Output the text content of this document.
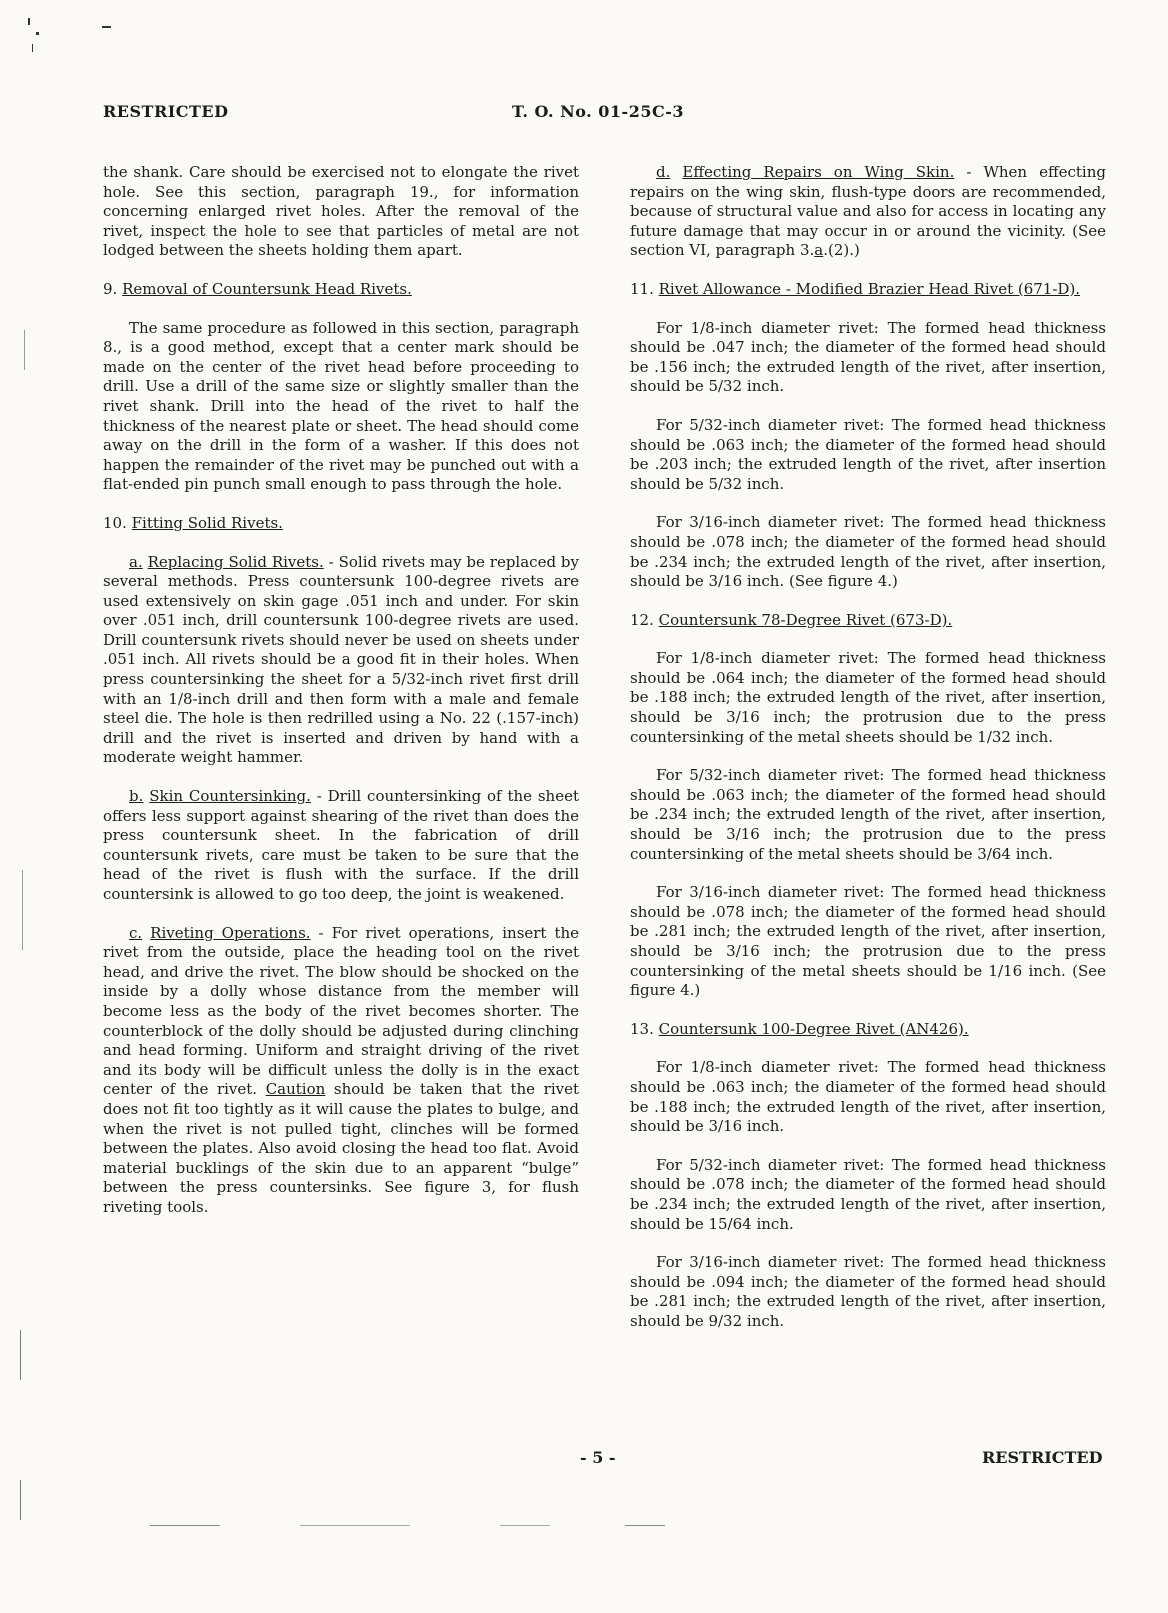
RESTRICTED	T. O. No. 01-25C-3

the shank. Care should be exercised not to elongate the rivet hole. See this section, paragraph 19., for information concerning enlarged rivet holes. After the removal of the rivet, inspect the hole to see that particles of metal are not lodged between the sheets holding them apart.

9. Removal of Countersunk Head Rivets.

The same procedure as followed in this section, paragraph 8., is a good method, except that a center mark should be made on the center of the rivet head before proceeding to drill. Use a drill of the same size or slightly smaller than the rivet shank. Drill into the head of the rivet to half the thickness of the nearest plate or sheet. The head should come away on the drill in the form of a washer. If this does not happen the remainder of the rivet may be punched out with a flat-ended pin punch small enough to pass through the hole.

10. Fitting Solid Rivets.

a. Replacing Solid Rivets. - Solid rivets may be replaced by several methods. Press countersunk 100-degree rivets are used extensively on skin gage .051 inch and under. For skin over .051 inch, drill countersunk 100-degree rivets are used. Drill countersunk rivets should never be used on sheets under .051 inch. All rivets should be a good fit in their holes. When press countersinking the sheet for a 5/32-inch rivet first drill with an 1/8-inch drill and then form with a male and female steel die. The hole is then redrilled using a No. 22 (.157-inch) drill and the rivet is inserted and driven by hand with a moderate weight hammer.

b. Skin Countersinking. - Drill countersinking of the sheet offers less support against shearing of the rivet than does the press countersunk sheet. In the fabrication of drill countersunk rivets, care must be taken to be sure that the head of the rivet is flush with the surface. If the drill countersink is allowed to go too deep, the joint is weakened.

c. Riveting Operations. - For rivet operations, insert the rivet from the outside, place the heading tool on the rivet head, and drive the rivet. The blow should be shocked on the inside by a dolly whose distance from the member will become less as the body of the rivet becomes shorter. The counterblock of the dolly should be adjusted during clinching and head forming. Uniform and straight driving of the rivet and its body will be difficult unless the dolly is in the exact center of the rivet. Caution should be taken that the rivet does not fit too tightly as it will cause the plates to bulge, and when the rivet is not pulled tight, clinches will be formed between the plates. Also avoid closing the head too flat. Avoid material bucklings of the skin due to an apparent “bulge” between the press countersinks. See figure 3, for flush riveting tools.

d. Effecting Repairs on Wing Skin. - When effecting repairs on the wing skin, flush-type doors are recommended, because of structural value and also for access in locating any future damage that may occur in or around the vicinity. (See section VI, paragraph 3.a.(2).)

11. Rivet Allowance - Modified Brazier Head Rivet (671-D).

For 1/8-inch diameter rivet: The formed head thickness should be .047 inch; the diameter of the formed head should be .156 inch; the extruded length of the rivet, after insertion, should be 5/32 inch.

For 5/32-inch diameter rivet: The formed head thickness should be .063 inch; the diameter of the formed head should be .203 inch; the extruded length of the rivet, after insertion should be 5/32 inch.

For 3/16-inch diameter rivet: The formed head thickness should be .078 inch; the diameter of the formed head should be .234 inch; the extruded length of the rivet, after insertion, should be 3/16 inch. (See figure 4.)

12. Countersunk 78-Degree Rivet (673-D).

For 1/8-inch diameter rivet: The formed head thickness should be .064 inch; the diameter of the formed head should be .188 inch; the extruded length of the rivet, after insertion, should be 3/16 inch; the protrusion due to the press countersinking of the metal sheets should be 1/32 inch.

For 5/32-inch diameter rivet: The formed head thickness should be .063 inch; the diameter of the formed head should be .234 inch; the extruded length of the rivet, after insertion, should be 3/16 inch; the protrusion due to the press countersinking of the metal sheets should be 3/64 inch.

For 3/16-inch diameter rivet: The formed head thickness should be .078 inch; the diameter of the formed head should be .281 inch; the extruded length of the rivet, after insertion, should be 3/16 inch; the protrusion due to the press countersinking of the metal sheets should be 1/16 inch. (See figure 4.)

13. Countersunk 100-Degree Rivet (AN426).

For 1/8-inch diameter rivet: The formed head thickness should be .063 inch; the diameter of the formed head should be .188 inch; the extruded length of the rivet, after insertion, should be 3/16 inch.

For 5/32-inch diameter rivet: The formed head thickness should be .078 inch; the diameter of the formed head should be .234 inch; the extruded length of the rivet, after insertion, should be 15/64 inch.

For 3/16-inch diameter rivet: The formed head thickness should be .094 inch; the diameter of the formed head should be .281 inch; the extruded length of the rivet, after insertion, should be 9/32 inch.

- 5 -	RESTRICTED
